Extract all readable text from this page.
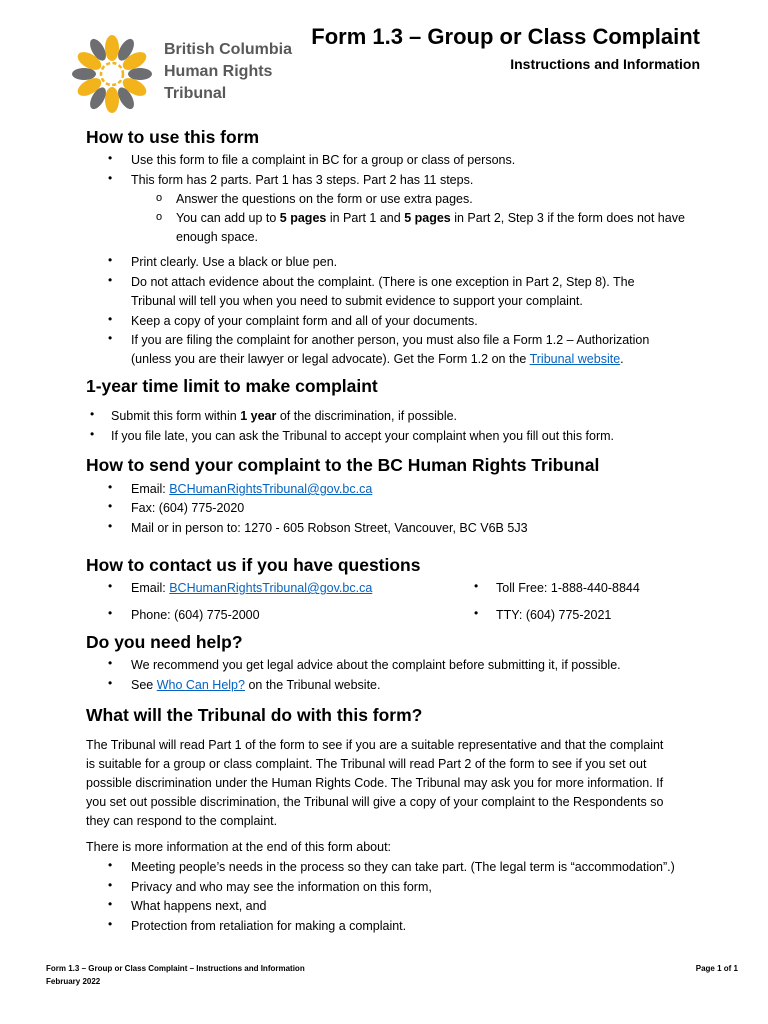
British Columbia
Human Rights
Tribunal
Form 1.3 – Group or Class Complaint
Instructions and Information
How to use this form
• Use this form to file a complaint in BC for a group or class of persons.
• This form has 2 parts. Part 1 has 3 steps. Part 2 has 11 steps.
o Answer the questions on the form or use extra pages.
o You can add up to 5 pages in Part 1 and 5 pages in Part 2, Step 3 if the form does not have
enough space.
• Print clearly. Use a black or blue pen.
• Do not attach evidence about the complaint. (There is one exception in Part 2, Step 8). The
Tribunal will tell you when you need to submit evidence to support your complaint.
• Keep a copy of your complaint form and all of your documents.
• If you are filing the complaint for another person, you must also file a Form 1.2 – Authorization
(unless you are their lawyer or legal advocate). Get the Form 1.2 on the Tribunal website.
1-year time limit to make complaint
• Submit this form within 1 year of the discrimination, if possible.
• If you file late, you can ask the Tribunal to accept your complaint when you fill out this form.
How to send your complaint to the BC Human Rights Tribunal
• Email: BCHumanRightsTribunal@gov.bc.ca
• Fax: (604) 775-2020
• Mail or in person to: 1270 - 605 Robson Street, Vancouver, BC V6B 5J3
How to contact us if you have questions
• Email: BCHumanRightsTribunal@gov.bc.ca	• Toll Free: 1-888-440-8844
• Phone: (604) 775-2000	• TTY: (604) 775-2021
Do you need help?
• We recommend you get legal advice about the complaint before submitting it, if possible.
• See Who Can Help? on the Tribunal website.
What will the Tribunal do with this form?
The Tribunal will read Part 1 of the form to see if you are a suitable representative and that the complaint
is suitable for a group or class complaint. The Tribunal will read Part 2 of the form to see if you set out
possible discrimination under the Human Rights Code. The Tribunal may ask you for more information. If
you set out possible discrimination, the Tribunal will give a copy of your complaint to the Respondents so
they can respond to the complaint.
There is more information at the end of this form about:
• Meeting people’s needs in the process so they can take part. (The legal term is “accommodation”.)
• Privacy and who may see the information on this form,
• What happens next, and
• Protection from retaliation for making a complaint.
Form 1.3 – Group or Class Complaint – Instructions and Information
February 2022
Page 1 of 1
